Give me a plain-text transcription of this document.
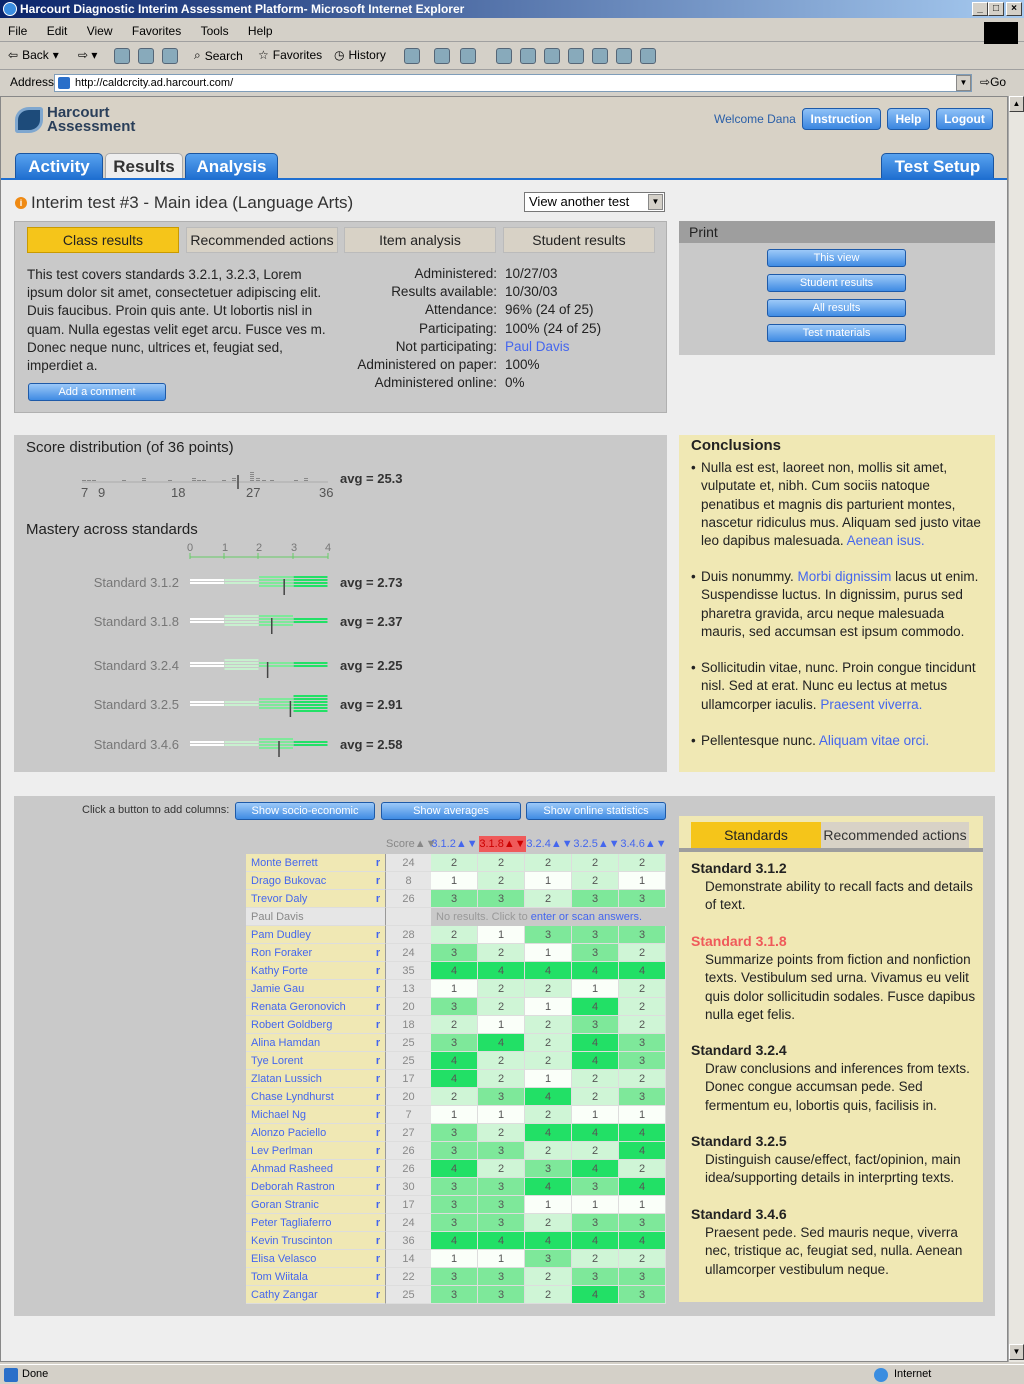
Harcourt Diagnostic Interim Assessment Platform- Microsoft Internet Explorer	_	□	×
File Edit View Favorites Tools Help
⇦ Back ▾ ⇨ ▾	⌕ Search ☆ Favorites ◷ History
Address	http://caldcrcity.ad.harcourt.com/	▼ ⇨Go
Harcourt
Assessment	Welcome Dana	Instruction	Help	Logout
Activity	Results	Analysis	Test Setup
i Interim test #3 - Main idea (Language Arts)	View another test	▼
Class results	Recommended actions	Item analysis	Student results
This test covers standards 3.2.1, 3.2.3, Lorem ipsum dolor sit amet, consectetuer adipiscing elit. Duis faucibus. Proin quis ante. Ut lobortis nisl in quam. Nulla egestas velit eget arcu. Fusce ves m. Donec neque nunc, ultrices et, feugiat sed, imperdiet a.
Add a comment
Administered: 10/27/03
Results available: 10/30/03
Attendance: 96% (24 of 25)
Participating: 100% (24 of 25)
Not participating: Paul Davis
Administered on paper: 100%
Administered online: 0%
Print
This view
Student results
All results
Test materials
Score distribution (of 36 points)
7 9	18	27	36
avg = 25.3
Mastery across standards
0	1	2	3	4
Standard 3.1.2	avg = 2.73
Standard 3.1.8	avg = 2.37
Standard 3.2.4	avg = 2.25
Standard 3.2.5	avg = 2.91
Standard 3.4.6	avg = 2.58
Conclusions
• Nulla est est, laoreet non, mollis sit amet, vulputate et, nibh. Cum sociis natoque penatibus et magnis dis parturient montes, nascetur ridiculus mus. Aliquam sed justo vitae leo dapibus malesuada. Aenean isus.
• Duis nonummy. Morbi dignissim lacus ut enim. Suspendisse luctus. In dignissim, purus sed pharetra gravida, arcu neque malesuada mauris, sed accumsan est ipsum commodo.
• Sollicitudin vitae, nunc. Proin congue tincidunt nisl. Sed at erat. Nunc eu lectus at metus ullamcorper iaculis. Praesent viverra.
• Pellentesque nunc. Aliquam vitae orci.
Click a button to add columns:	Show socio-economic	Show averages	Show online statistics
Score▲▼
3.1.2▲▼ 3.1.8▲▼ 3.2.4▲▼ 3.2.5▲▼ 3.4.6▲▼
Monte Berrett	r	24	2	2	2	2	2
Drago Bukovac	r	8	1	2	1	2	1
Trevor Daly	r	26	3	3	2	3	3
Paul Davis	No results. Click to enter or scan answers.
Pam Dudley	r	28	2	1	3	3	3
Ron Foraker	r	24	3	2	1	3	2
Kathy Forte	r	35	4	4	4	4	4
Jamie Gau	r	13	1	2	2	1	2
Renata Geronovich	r	20	3	2	1	4	2
Robert Goldberg	r	18	2	1	2	3	2
Alina Hamdan	r	25	3	4	2	4	3
Tye Lorent	r	25	4	2	2	4	3
Zlatan Lussich	r	17	4	2	1	2	2
Chase Lyndhurst	r	20	2	3	4	2	3
Michael Ng	r	7	1	1	2	1	1
Alonzo Paciello	r	27	3	2	4	4	4
Lev Perlman	r	26	3	3	2	2	4
Ahmad Rasheed	r	26	4	2	3	4	2
Deborah Rastron	r	30	3	3	4	3	4
Goran Stranic	r	17	3	3	1	1	1
Peter Tagliaferro	r	24	3	3	2	3	3
Kevin Truscinton	r	36	4	4	4	4	4
Elisa Velasco	r	14	1	1	3	2	2
Tom Wiitala	r	22	3	3	2	3	3
Cathy Zangar	r	25	3	3	2	4	3
Standards	Recommended actions
Standard 3.1.2
Demonstrate ability to recall facts and details of text.
Standard 3.1.8
Summarize points from fiction and nonfiction texts. Vestibulum sed urna. Vivamus eu velit quis dolor sollicitudin sodales. Fusce dapibus nulla eget felis.
Standard 3.2.4
Draw conclusions and inferences from texts. Donec congue accumsan pede. Sed fermentum eu, lobortis quis, facilisis in.
Standard 3.2.5
Distinguish cause/effect, fact/opinion, main idea/supporting details in interprting texts.
Standard 3.4.6
Praesent pede. Sed mauris neque, viverra nec, tristique ac, feugiat sed, nulla. Aenean ullamcorper vestibulum neque.
▲
▼
Done	Internet
